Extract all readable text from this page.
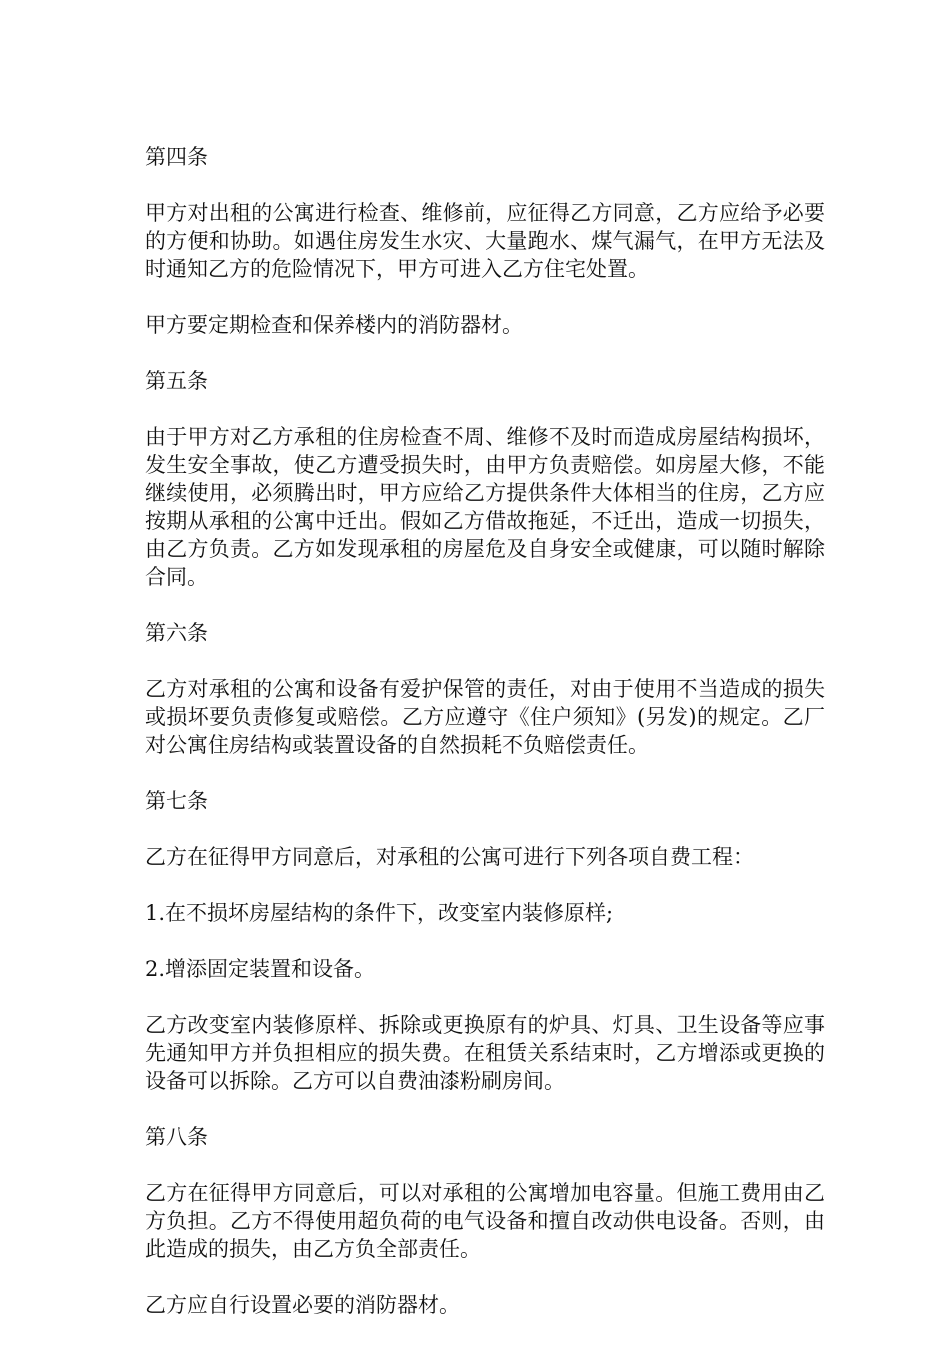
第四条

甲方对出租的公寓进行检查、维修前，应征得乙方同意，乙方应给予必要的方便和协助。如遇住房发生水灾、大量跑水、煤气漏气，在甲方无法及时通知乙方的危险情况下，甲方可进入乙方住宅处置。

甲方要定期检查和保养楼内的消防器材。

第五条

由于甲方对乙方承租的住房检查不周、维修不及时而造成房屋结构损坏，发生安全事故，使乙方遭受损失时，由甲方负责赔偿。如房屋大修，不能继续使用，必须腾出时，甲方应给乙方提供条件大体相当的住房，乙方应按期从承租的公寓中迁出。假如乙方借故拖延，不迁出，造成一切损失，由乙方负责。乙方如发现承租的房屋危及自身安全或健康，可以随时解除合同。

第六条

乙方对承租的公寓和设备有爱护保管的责任，对由于使用不当造成的损失或损坏要负责修复或赔偿。乙方应遵守《住户须知》(另发)的规定。乙厂对公寓住房结构或装置设备的自然损耗不负赔偿责任。

第七条

乙方在征得甲方同意后，对承租的公寓可进行下列各项自费工程：

1.在不损坏房屋结构的条件下，改变室内装修原样;

2.增添固定装置和设备。

乙方改变室内装修原样、拆除或更换原有的炉具、灯具、卫生设备等应事先通知甲方并负担相应的损失费。在租赁关系结束时，乙方增添或更换的设备可以拆除。乙方可以自费油漆粉刷房间。

第八条

乙方在征得甲方同意后，可以对承租的公寓增加电容量。但施工费用由乙方负担。乙方不得使用超负荷的电气设备和擅自改动供电设备。否则，由此造成的损失，由乙方负全部责任。

乙方应自行设置必要的消防器材。
